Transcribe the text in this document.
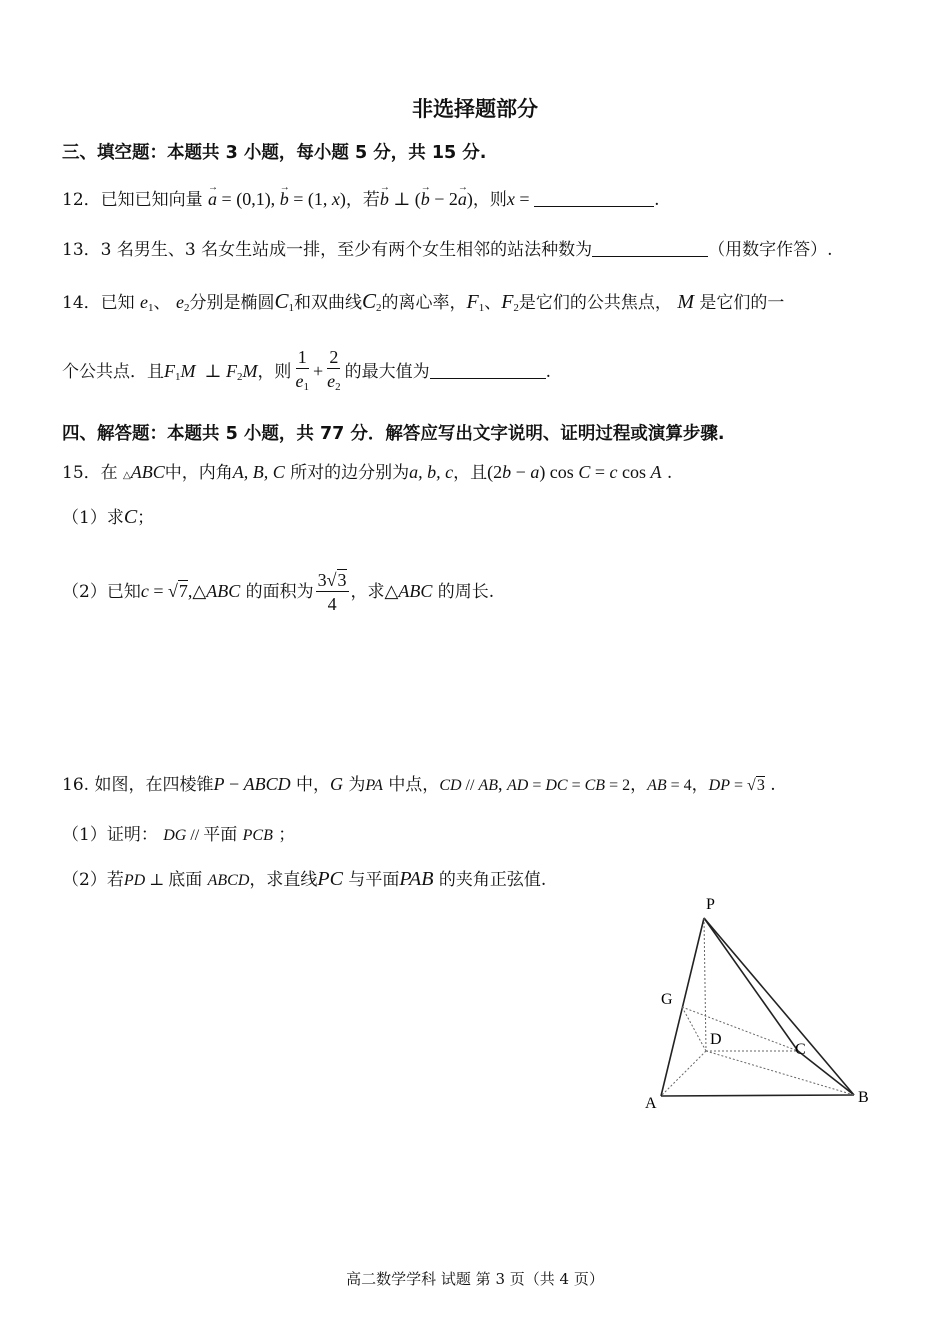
非选择题部分
三、填空题：本题共 3 小题，每小题 5 分，共 15 分.
12．已知已知向量 → a = (0,1), → b = (1, x)，若→ b ⊥ (→ b − 2→ a)，则x =	.
13．3 名男生、3 名女生站成一排，至少有两个女生相邻的站法种数为	（用数字作答）.
14．已知 $e_1$、 $e_2$分别是椭圆$C_1$和双曲线$C_2$的离心率，$F_1$、$F_2$是它们的公共焦点， M 是它们的一
个公共点．且$F_1M$  ⊥ $F_2M$，则 $\frac{1}{e_1} + \frac{2}{e_2}$ 的最大值为	.
四、解答题：本题共 5 小题，共 77 分．解答应写出文字说明、证明过程或演算步骤.
15．在 △ABC中，内角A, B, C 所对的边分别为a, b, c，且(2b − a) cos C = c cos A .
（1）求C；
（2）已知c = √7,△ABC 的面积为 $\frac{3√3}{4}$ ，求△ABC 的周长.
16. 如图，在四棱锥P − ABCD 中，G 为PA 中点，CD // AB, AD = DC = CB = 2，AB = 4，DP = √3 .
（1）证明： DG // 平面 PCB ；
（2）若PD ⊥ 底面 ABCD，求直线PC 与平面PAB 的夹角正弦值.
P
G
D
C
A	B
高二数学学科 试题 第 3 页（共 4 页）
